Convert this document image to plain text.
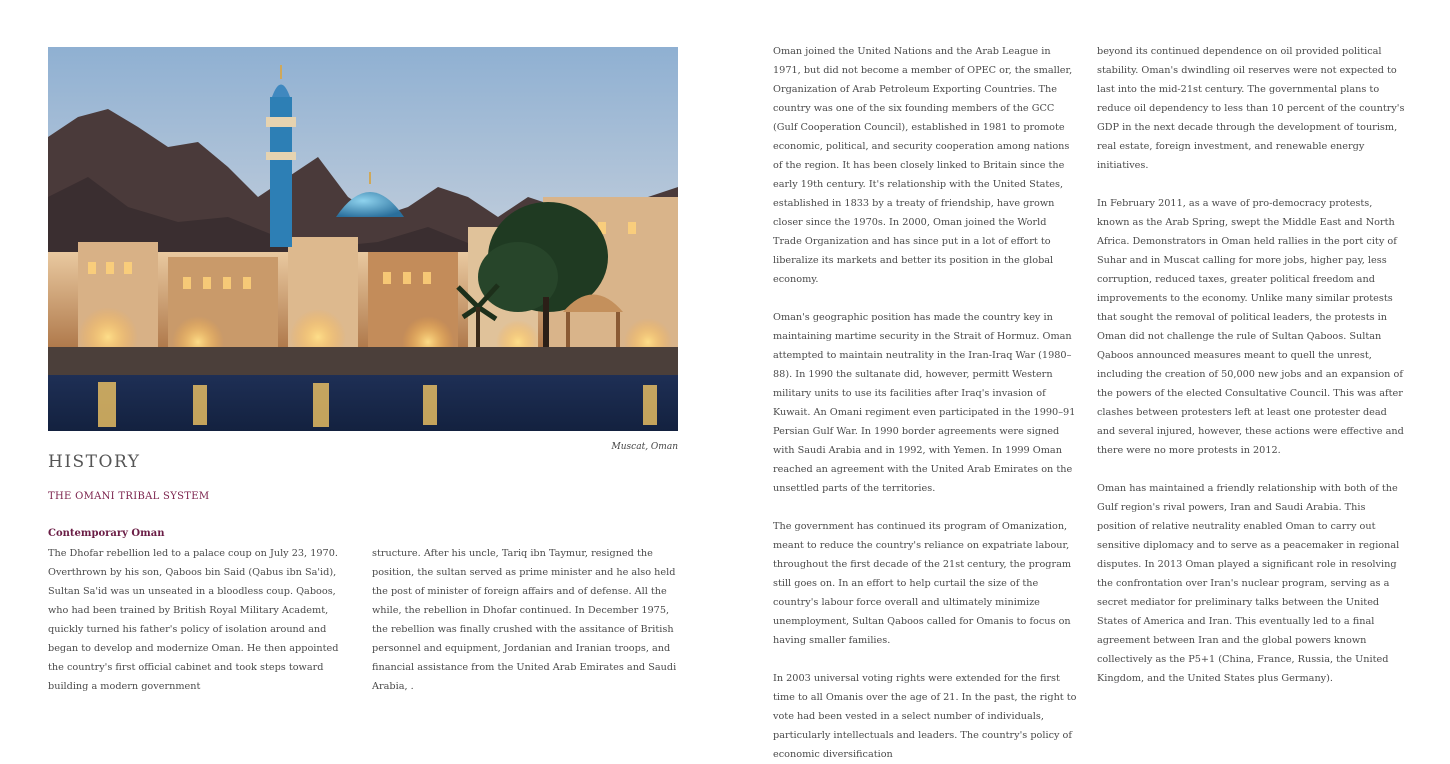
Muscat, Oman
HISTORY
THE OMANI TRIBAL SYSTEM
Contemporary Oman

The Dhofar rebellion led to a palace coup on July 23, 1970. Overthrown by his son, Qaboos bin Said (Qabus ibn Sa'id), Sultan Sa'id was un unseated in a bloodless coup. Qaboos, who had been trained by British Royal Military Academt, quickly turned his father's policy of isolation around and began to develop and modernize Oman. He then appointed the country's first official cabinet and took steps toward building a modern government

structure. After his uncle, Tariq ibn Taymur, resigned the position, the sultan served as prime minister and he also held the post of minister of foreign affairs and of defense. All the while, the rebellion in Dhofar continued. In December 1975, the rebellion was finally crushed with the assitance of British personnel and equipment, Jordanian and Iranian troops, and financial assistance from the United Arab Emirates and Saudi Arabia, .

Oman joined the United Nations and the Arab League in 1971, but did not become a member of OPEC or, the smaller, Organization of Arab Petroleum Exporting Countries. The country was one of the six founding members of the GCC (Gulf Cooperation Council), established in 1981 to promote economic, political, and security cooperation among nations of the region. It has been closely linked to Britain since the early 19th century. It's relationship with the United States, established in 1833 by a treaty of friendship, have grown closer since the 1970s. In 2000, Oman joined the World Trade Organization and has since put in a lot of effort to liberalize its markets and better its position in the global economy.

Oman's geographic position has made the country key in maintaining martime security in the Strait of Hormuz. Oman attempted to maintain neutrality in the Iran-Iraq War (1980–88). In 1990 the sultanate did, however, permitt Western military units to use its facilities after Iraq's invasion of Kuwait. An Omani regiment even participated in the 1990–91 Persian Gulf War. In 1990 border agreements were signed with Saudi Arabia and in 1992, with Yemen. In 1999 Oman reached an agreement with the United Arab Emirates on the unsettled parts of the territories.

The government has continued its program of Omanization, meant to reduce the country's reliance on expatriate labour, throughout the first decade of the 21st century, the program still goes on. In an effort to help curtail the size of the country's labour force overall and ultimately minimize unemployment, Sultan Qaboos called for Omanis to focus on having smaller families.

In 2003 universal voting rights were extended for the first time to all Omanis over the age of 21. In the past, the right to vote had been vested in a select number of individuals, particularly intellectuals and leaders. The country's policy of economic diversification

beyond its continued dependence on oil provided political stability. Oman's dwindling oil reserves were not expected to last into the mid-21st century. The governmental plans to reduce oil dependency to less than 10 percent of the country's GDP in the next decade through the development of tourism, real estate, foreign investment, and renewable energy initiatives.

In February 2011, as a wave of pro-democracy protests, known as the Arab Spring, swept the Middle East and North Africa. Demonstrators in Oman held rallies in the port city of Suhar and in Muscat calling for more jobs, higher pay, less corruption, reduced taxes, greater political freedom and improvements to the economy. Unlike many similar protests that sought the removal of political leaders, the protests in Oman did not challenge the rule of Sultan Qaboos. Sultan Qaboos announced measures meant to quell the unrest, including the creation of 50,000 new jobs and an expansion of the powers of the elected Consultative Council. This was after clashes between protesters left at least one protester dead and several injured, however, these actions were effective and there were no more protests in 2012.

Oman has maintained a friendly relationship with both of the Gulf region's rival powers, Iran and Saudi Arabia. This position of relative neutrality enabled Oman to carry out sensitive diplomacy and to serve as a peacemaker in regional disputes. In 2013 Oman played a significant role in resolving the confrontation over Iran's nuclear program, serving as a secret mediator for preliminary talks between the United States of America and Iran. This eventually led to a final agreement between Iran and the global powers known collectively as the P5+1 (China, France, Russia, the United Kingdom, and the United States plus Germany).
